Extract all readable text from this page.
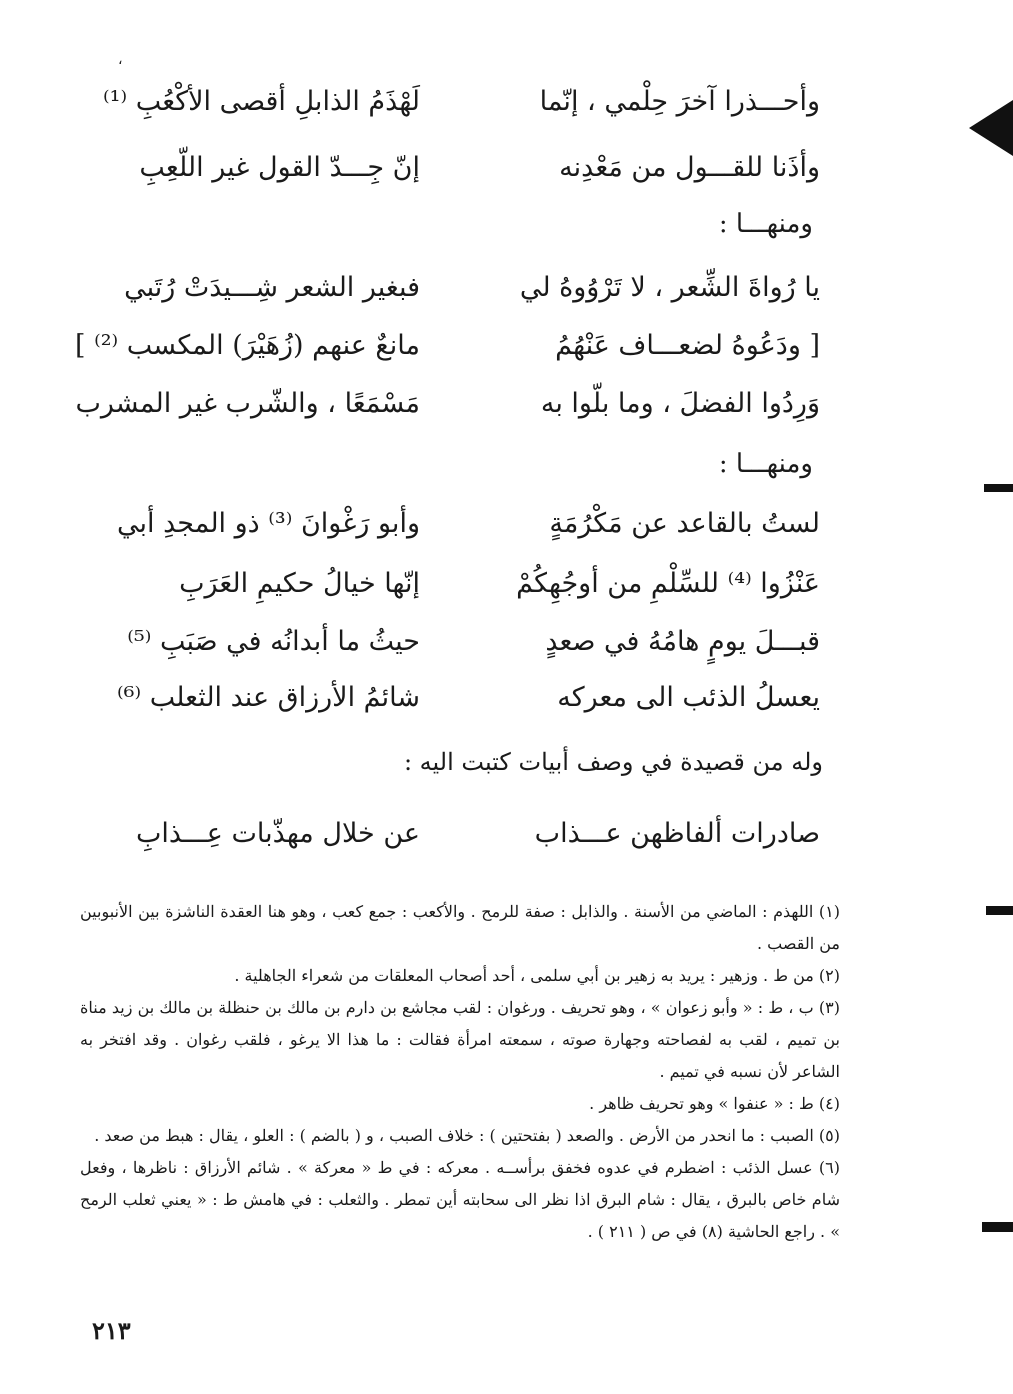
،
وأحـــذرا آخرَ حِلْمي ، إنّما
لَهْذَمُ الذابلِ أقصى الأكْعُبِ ⁽¹⁾
وأذَنا للقـــول من مَعْدِنه
إنّ جِـــدّ القول غير اللّعِبِ
ومنهـــا :
يا رُواةَ الشِّعر ، لا تَرْوُوهُ لي
فبغير الشعر شِـــيدَتْ رُتَبي
[ ودَعُوهُ لضعـــاف عَنْهُمُ
مانعٌ عنهم (زُهَيْرَ) المكسب ⁽²⁾ ]
وَرِدُوا الفضلَ ، وما بلّوا به
مَسْمَعًا ، والشّرب غير المشرب
ومنهـــا :
لستُ بالقاعد عن مَكْرُمَةٍ
وأبو رَغْوانَ ⁽³⁾ ذو المجدِ أبي
عَنْزُوا ⁽⁴⁾ للسِّلْمِ من أوجُهِكُمْ
إنّها خيالُ حكيمِ العَرَبِ
قبـــلَ يومٍ هامُهُ في صعدٍ
حيثُ ما أبدانُه في صَبَبِ ⁽⁵⁾
يعسلُ الذئب الى معركه
شائمُ الأرزاق عند الثعلب ⁽⁶⁾
وله من قصيدة في وصف أبيات كتبت اليه :
صادرات ألفاظهن عـــذاب
عن خلال مهذّبات عِـــذابِ

(١) اللهذم : الماضي من الأسنة . والذابل : صفة للرمح . والأكعب : جمع كعب ، وهو هنا العقدة الناشزة بين الأنبوبين من القصب .

(٢) من ط . وزهير : يريد به زهير بن أبي سلمى ، أحد أصحاب المعلقات من شعراء الجاهلية .

(٣) ب ، ط : « وأبو زعوان » ، وهو تحريف . ورغوان : لقب مجاشع بن دارم بن مالك بن حنظلة بن مالك بن زيد مناة بن تميم ، لقب به لفصاحته وجهارة صوته ، سمعته امرأة فقالت : ما هذا الا يرغو ، فلقب رغوان . وقد افتخر به الشاعر لأن نسبه في تميم .

(٤) ط : « عنفوا » وهو تحريف ظاهر .

(٥) الصبب : ما انحدر من الأرض . والصعد ( بفتحتين ) : خلاف الصبب ، و ( بالضم ) : العلو ، يقال : هبط من صعد .

(٦) عسل الذئب : اضطرم في عدوه فخفق برأســه . معركه : في ط « معركة » . شائم الأرزاق : ناظرها ، وفعل شام خاص بالبرق ، يقال : شام البرق اذا نظر الى سحابته أين تمطر . والثعلب : في هامش ط : « يعني ثعلب الرمح » . راجع الحاشية (٨) في ص ( ٢١١ ) .

٢١٣
